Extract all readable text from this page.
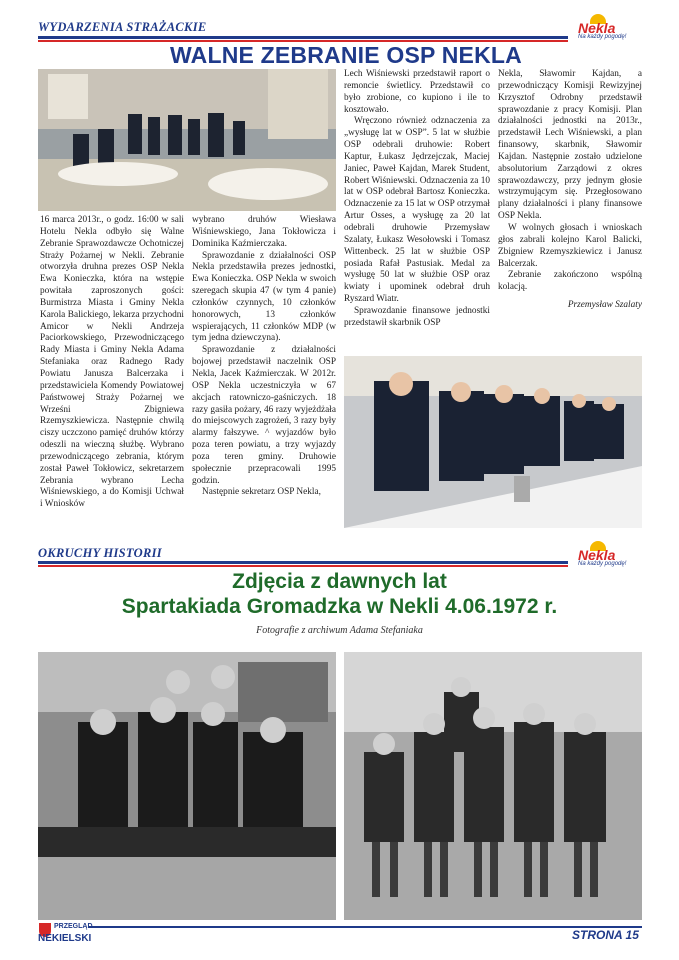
WYDARZENIA STRAŻACKIE	Nekla
Na każdy pogodę!
WALNE ZEBRANIE OSP NEKLA

16 marca 2013r., o godz. 16:00 w sali Hotelu Nekla odbyło się Walne Zebranie Sprawozdawcze Ochotniczej Straży Pożarnej w Nekli. Zebranie otworzyła druhna prezes OSP Nekla Ewa Konieczka, która na wstępie powitała zaproszonych gości: Burmistrza Miasta i Gminy Nekla Karola Balickiego, lekarza przychodni Amicor w Nekli Andrzeja Paciorkowskiego, Przewodniczącego Rady Miasta i Gminy Nekla Adama Stefaniaka oraz Radnego Rady Powiatu Janusza Balcerzaka i przedstawiciela Komendy Powiatowej Państwowej Straży Pożarnej we Wrześni Zbigniewa Rzemyszkiewicza. Następnie chwilą ciszy uczczono pamięć druhów którzy odeszli na wieczną służbę. Wybrano przewodniczącego zebrania, którym został Paweł Tokłowicz, sekretarzem Zebrania wybrano Lecha Wiśniewskiego, a do Komisji Uchwał i Wniosków

wybrano druhów Wiesława Wiśniewskiego, Jana Tokłowicza i Dominika Kaźmierczaka.

Sprawozdanie z działalności OSP Nekla przedstawiła prezes jednostki, Ewa Konieczka. OSP Nekla w swoich szeregach skupia 47 (w tym 4 panie) członków czynnych, 10 członków honorowych, 13 członków wspierających, 11 członków MDP (w tym jedna dziewczyna).

Sprawozdanie z działalności bojowej przedstawił naczelnik OSP Nekla, Jacek Kaźmierczak. W 2012r. OSP Nekla uczestniczyła w 67 akcjach ratowniczo-gaśniczych. 18 razy gasiła pożary, 46 razy wyjeżdżała do miejscowych zagrożeń, 3 razy były alarmy fałszywe. ^ wyjazdów było poza teren powiatu, a trzy wyjazdy poza teren gminy. Druhowie społecznie przepracowali 1995 godzin.

Następnie sekretarz OSP Nekla,

Lech Wiśniewski przedstawił raport o remoncie świetlicy. Przedstawił co było zrobione, co kupiono i ile to kosztowało.

Wręczono również odznaczenia za „wysługę lat w OSP”. 5 lat w służbie OSP odebrali druhowie: Robert Kaptur, Łukasz Jędrzejczak, Maciej Janiec, Paweł Kajdan, Marek Student, Robert Wiśniewski. Odznaczenia za 10 lat w OSP odebrał Bartosz Konieczka. Odznaczenie za 15 lat w OSP otrzymał Artur Osses, a wysługę za 20 lat odebrali druhowie Przemysław Szalaty, Łukasz Wesołowski i Tomasz Wittenbeck. 25 lat w służbie OSP posiada Rafał Pastusiak. Medal za wysługę 50 lat w służbie OSP oraz kwiaty i upominek odebrał druh Ryszard Wiatr.

Sprawozdanie finansowe jednostki przedstawił skarbnik OSP

Nekla, Sławomir Kajdan, a przewodniczący Komisji Rewizyjnej Krzysztof Odrobny przedstawił sprawozdanie z pracy Komisji. Plan działalności jednostki na 2013r., przedstawił Lech Wiśniewski, a plan finansowy, skarbnik, Sławomir Kajdan. Następnie zostało udzielone absolutorium Zarządowi z okres sprawozdawczy, przy jednym głosie wstrzymującym się. Przegłosowano plany działalności i plany finansowe OSP Nekla.

W wolnych głosach i wnioskach głos zabrali kolejno Karol Balicki, Zbigniew Rzemyszkiewicz i Janusz Balcerzak.

Zebranie zakończono wspólną kolacją.

Przemysław Szalaty
OKRUCHY HISTORII	Nekla
Na każdy pogodę!
Zdjęcia z dawnych lat
Spartakiada Gromadzka w Nekli 4.06.1972 r.
Fotografie z archiwum Adama Stefaniaka
PRZEGLĄD
NEKIELSKI	STRONA 15
